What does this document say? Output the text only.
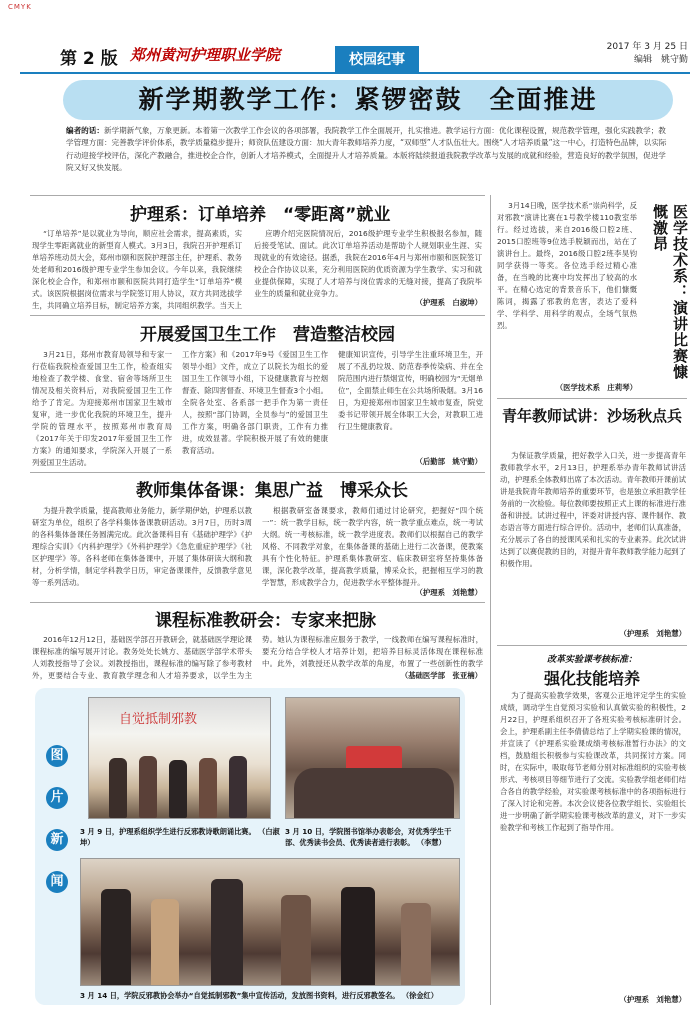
CMYK
第 2 版 郑州黄河护理职业学院	校园纪事
2017 年 3 月 25 日
编辑　姚守勤
新学期教学工作：紧锣密鼓　全面推进
编者的话：新学期新气象，万象更新。本着第一次教学工作会议的各项部署，我院教学工作全面展开，扎实推进。教学运行方面：优化课程设置，规范教学管理，强化实践教学；教学管理方面：完善教学评价体系，教学质量稳步提升；师资队伍建设方面：加大青年教师培养力度，“双师型”人才队伍壮大。围绕“人才培养质量”这一中心，打造特色品牌，以实际行动迎接学校评估，深化产教融合，推进校企合作，创新人才培养模式，全面提升人才培养质量。本版将陆续报道我院教学改革与发展的成就和经验，营造良好的教学氛围，促进学院又好又快发展。
护理系：订单培养　“零距离”就业
“订单培养”是以就业为导向，顺应社会需求，提高素质，实现学生零距离就业的新型育人模式。3月3日，我院召开护理系订单培养班动员大会，郑州市颐和医院护理部主任，护理系、教务处老师和2016级护理专业学生参加会议。今年以来，我院继续深化校企合作，和郑州市颐和医院共同打造学生“订单培养”模式。该医院根据岗位需求与学院签订用人协议，双方共同选拔学生，共同确立培养目标，制定培养方案，共同组织教学。当天上
应聘介绍完医院情况后，2016级护理专业学生积极报名参加，随后接受笔试、面试。此次订单培养活动是帮助个人规划职业生涯、实现就业的有效途径。据悉，我院在2016年4月与郑州市颐和医院签订校企合作协议以来，充分利用医院的优质资源为学生教学、实习和就业提供保障，实现了人才培养与岗位需求的无缝对接，提高了我院毕业生的质量和就业竞争力。
（护理系　白淑坤）
开展爱国卫生工作　营造整洁校园
3月21日，郑州市教育局领导和专家一行莅临我院检查爱国卫生工作，检查组实地检查了教学楼、食堂、宿舍等场所卫生情况及相关资料后，对我院爱国卫生工作给予了肯定。为迎接郑州市国家卫生城市复审，进一步优化我院的环境卫生，提升学院的管理水平，按照郑州市教育局《2017年关于印发2017年爱国卫生工作方案》的通知要求，学院深入开展了一系列爱国卫生活动。
工作方案》和《2017年9号《爱国卫生工作领导小组》文件，成立了以院长为组长的爱国卫生工作领导小组，下设健康教育与控烟督查、除四害督查、环境卫生督查3个小组。全院各处室、各系部一把手作为第一责任人，按照“部门协调，全员参与”的爱国卫生工作方案，明确各部门职责，工作有力推进，成效显著。学院积极开展了有效的健康教育活动。
健康知识宣传，引导学生注重环境卫生，开展了不乱扔垃圾、防范春季传染病、并在全院范围内进行禁烟宣传，明确校园为“无烟单位”，全面禁止师生在公共场所吸烟。3月16日，为迎接郑州市国家卫生城市复查，院党委书记带领开展全体职工大会，对教职工进行卫生健康教育。
（后勤部　姚守勤）
教师集体备课：集思广益　博采众长
为提升教学质量，提高教师业务能力，新学期伊始，护理系以教研室为单位，组织了各学科集体备课教研活动。3月7日，历时3周的各科集体备课任务圆满完成。此次备课科目有《基础护理学》《护理综合实训》《内科护理学》《外科护理学》《急危重症护理学》《社区护理学》等。各科老师在集体备课中，开展了集体研读大纲和教材，分析学情，制定学科教学日历，审定备课课件，反馈教学意见等一系列活动。
根据教研室备课要求，教师们通过讨论研究，把握好“四个统一”：统一教学目标，统一教学内容，统一教学重点难点，统一考试大纲。统一考核标准，统一教学进度表。教师们以根据自己的教学风格、不同教学对象，在集体备课的基础上进行二次备课，使教案具有个性化特征。护理系集体教研室、临床教研室将坚持集体备课，深化教学改革，提高教学质量，博采众长，把握相互学习的教学智慧，形成教学合力，促进教学水平整体提升。
（护理系　刘艳慧）
课程标准教研会：专家来把脉
2016年12月12日，基础医学部召开教研会，就基础医学理论课课程标准的编写展开讨论。教务处处长姚方、基础医学部学术带头人刘教授指导了会议。刘教授指出，课程标准的编写除了参考教材外，更要结合专业、教育教学理念和人才培养要求，以学生为主
势。她认为课程标准应服务于教学，一线教师在编写课程标准时，要充分结合学校人才培养计划，把培养目标灵活体现在课程标准中。此外，刘教授还从教学改革的角度，布置了一些创新性的教学
（基础医学部　张亚楠）
3月14日晚，医学技术系“崇尚科学，反对邪教”演讲比赛在1号教学楼110教室举行。经过选拔，来自2016级口腔2班、2015口腔班等9位选手脱颖而出，站在了演讲台上。最终，2016级口腔2班李昊钧同学获得一等奖。各位选手经过精心准备，在当晚的比赛中均发挥出了较高的水平。在精心选定的背景音乐下，他们慷慨陈词，揭露了邪教的危害，表达了爱科学、学科学、用科学的观点，全场气氛热烈。	医学技术系：演讲比赛慷慨激昂
（医学技术系　庄莉琴）
青年教师试讲：沙场秋点兵
为保证教学质量，把好教学入口关，进一步提高青年教师教学水平，2月13日，护理系举办青年教师试讲活动，护理系全体教师出席了本次活动。青年教师开课前试讲是我院青年教师培养的重要环节，也是独立承担教学任务前的一次检验。每位教师要按照正式上课的标准进行准备和讲授。试讲过程中，评委对讲授内容、课件制作、教态语言等方面进行综合评价。活动中，老师们认真准备，充分展示了各自的授课风采和扎实的专业素养。此次试讲达到了以赛促教的目的，对提升青年教师教学能力起到了积极作用。
（护理系　刘艳慧）
改革实验课考核标准：
强化技能培养
为了提高实验教学效果，客观公正地评定学生的实验成绩，调动学生自觉预习实验和认真做实验的积极性，2月22日，护理系组织召开了各班实验考核标准研讨会。会上，护理系副主任李倩倩总结了上学期实验课的情况，并宣读了《护理系实验课成绩考核标准暂行办法》的文档，鼓励组长积极参与实验课改革，共同探讨方案。同时，在实际中，吸取每节老师分别对标准组织的实验考核形式、考核项目等细节进行了交流。实验教学组老师们结合各自的教学经验，对实验课考核标准中的各项指标进行了深入讨论和完善。本次会议使各位教学组长、实验组长进一步明确了新学期实验课考核改革的意义，对下一步实验教学和考核工作起到了指导作用。
（护理系　刘艳慧）
图
片
新
闻
自觉抵制邪教
3 月 9 日，护理系组织学生进行反邪教诗歌朗诵比赛。 （白淑坤）
3 月 10 日，学院图书馆举办表彰会，对优秀学生干部、优秀读书会员、优秀读者进行表彰。 （李慧）
3 月 14 日，学院反邪教协会举办“自觉抵制邪教”集中宣传活动，发放图书资料，进行反邪教签名。 （徐金红）
